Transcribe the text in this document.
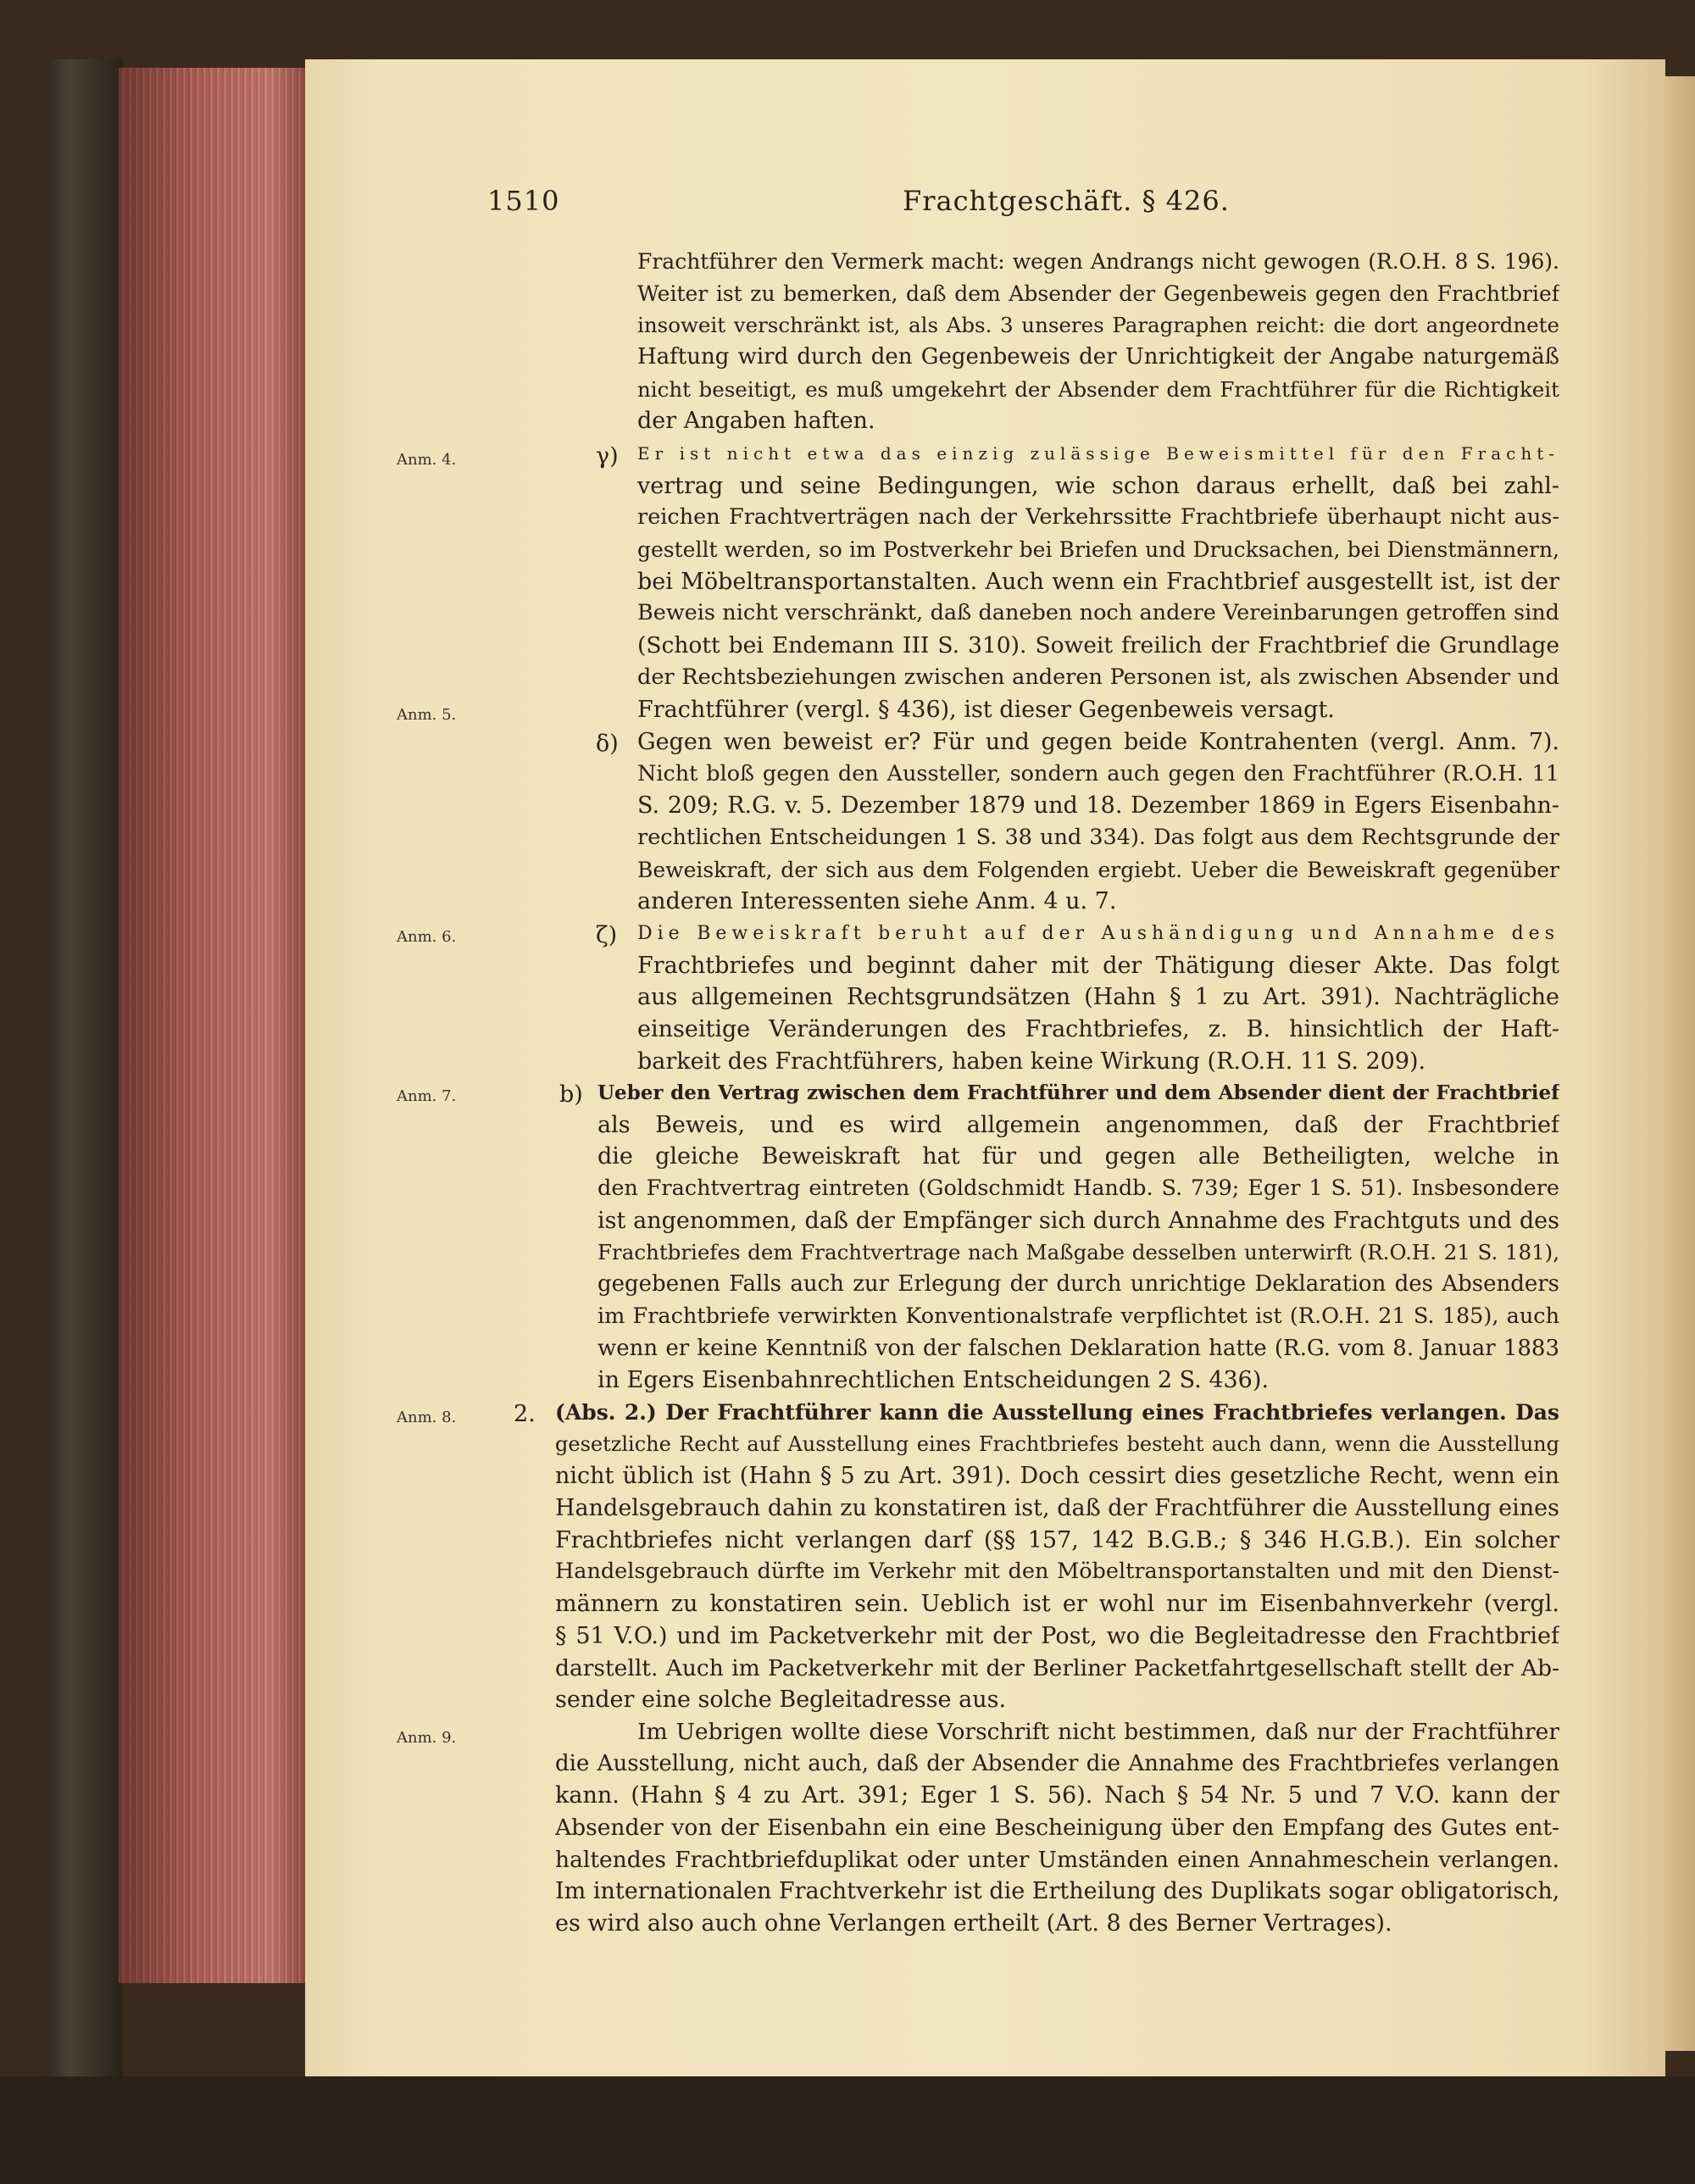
1510	Frachtgeschäft. § 426.
Anm. 4.
Anm. 5.
Anm. 6.
Anm. 7.
Anm. 8.
Anm. 9.
γ)
δ)
ζ)
b)
2.
Frachtführer den Vermerk macht: wegen Andrangs nicht gewogen (R.O.H. 8 S. 196).
Weiter ist zu bemerken, daß dem Absender der Gegenbeweis gegen den Frachtbrief
insoweit verschränkt ist, als Abs. 3 unseres Paragraphen reicht: die dort angeordnete
Haftung wird durch den Gegenbeweis der Unrichtigkeit der Angabe naturgemäß
nicht beseitigt, es muß umgekehrt der Absender dem Frachtführer für die Richtigkeit
der Angaben haften.
Er ist nicht etwa das einzig zulässige Beweismittel für den Fracht-
vertrag und seine Bedingungen, wie schon daraus erhellt, daß bei zahl-
reichen Frachtverträgen nach der Verkehrssitte Frachtbriefe überhaupt nicht aus-
gestellt werden, so im Postverkehr bei Briefen und Drucksachen, bei Dienstmännern,
bei Möbeltransportanstalten. Auch wenn ein Frachtbrief ausgestellt ist, ist der
Beweis nicht verschränkt, daß daneben noch andere Vereinbarungen getroffen sind
(Schott bei Endemann III S. 310). Soweit freilich der Frachtbrief die Grundlage
der Rechtsbeziehungen zwischen anderen Personen ist, als zwischen Absender und
Frachtführer (vergl. § 436), ist dieser Gegenbeweis versagt.
Gegen wen beweist er? Für und gegen beide Kontrahenten (vergl. Anm. 7).
Nicht bloß gegen den Aussteller, sondern auch gegen den Frachtführer (R.O.H. 11
S. 209; R.G. v. 5. Dezember 1879 und 18. Dezember 1869 in Egers Eisenbahn-
rechtlichen Entscheidungen 1 S. 38 und 334). Das folgt aus dem Rechtsgrunde der
Beweiskraft, der sich aus dem Folgenden ergiebt. Ueber die Beweiskraft gegenüber
anderen Interessenten siehe Anm. 4 u. 7.
Die Beweiskraft beruht auf der Aushändigung und Annahme des
Frachtbriefes und beginnt daher mit der Thätigung dieser Akte. Das folgt
aus allgemeinen Rechtsgrundsätzen (Hahn § 1 zu Art. 391). Nachträgliche
einseitige Veränderungen des Frachtbriefes, z. B. hinsichtlich der Haft-
barkeit des Frachtführers, haben keine Wirkung (R.O.H. 11 S. 209).
Ueber den Vertrag zwischen dem Frachtführer und dem Absender dient der Frachtbrief
als Beweis, und es wird allgemein angenommen, daß der Frachtbrief
die gleiche Beweiskraft hat für und gegen alle Betheiligten, welche in
den Frachtvertrag eintreten (Goldschmidt Handb. S. 739; Eger 1 S. 51). Insbesondere
ist angenommen, daß der Empfänger sich durch Annahme des Frachtguts und des
Frachtbriefes dem Frachtvertrage nach Maßgabe desselben unterwirft (R.O.H. 21 S. 181),
gegebenen Falls auch zur Erlegung der durch unrichtige Deklaration des Absenders
im Frachtbriefe verwirkten Konventionalstrafe verpflichtet ist (R.O.H. 21 S. 185), auch
wenn er keine Kenntniß von der falschen Deklaration hatte (R.G. vom 8. Januar 1883
in Egers Eisenbahnrechtlichen Entscheidungen 2 S. 436).
(Abs. 2.) Der Frachtführer kann die Ausstellung eines Frachtbriefes verlangen. Das
gesetzliche Recht auf Ausstellung eines Frachtbriefes besteht auch dann, wenn die Ausstellung
nicht üblich ist (Hahn § 5 zu Art. 391). Doch cessirt dies gesetzliche Recht, wenn ein
Handelsgebrauch dahin zu konstatiren ist, daß der Frachtführer die Ausstellung eines
Frachtbriefes nicht verlangen darf (§§ 157, 142 B.G.B.; § 346 H.G.B.). Ein solcher
Handelsgebrauch dürfte im Verkehr mit den Möbeltransportanstalten und mit den Dienst-
männern zu konstatiren sein. Ueblich ist er wohl nur im Eisenbahnverkehr (vergl.
§ 51 V.O.) und im Packetverkehr mit der Post, wo die Begleitadresse den Frachtbrief
darstellt. Auch im Packetverkehr mit der Berliner Packetfahrtgesellschaft stellt der Ab-
sender eine solche Begleitadresse aus.
Im Uebrigen wollte diese Vorschrift nicht bestimmen, daß nur der Frachtführer
die Ausstellung, nicht auch, daß der Absender die Annahme des Frachtbriefes verlangen
kann. (Hahn § 4 zu Art. 391; Eger 1 S. 56). Nach § 54 Nr. 5 und 7 V.O. kann der
Absender von der Eisenbahn ein eine Bescheinigung über den Empfang des Gutes ent-
haltendes Frachtbriefduplikat oder unter Umständen einen Annahmeschein verlangen.
Im internationalen Frachtverkehr ist die Ertheilung des Duplikats sogar obligatorisch,
es wird also auch ohne Verlangen ertheilt (Art. 8 des Berner Vertrages).
